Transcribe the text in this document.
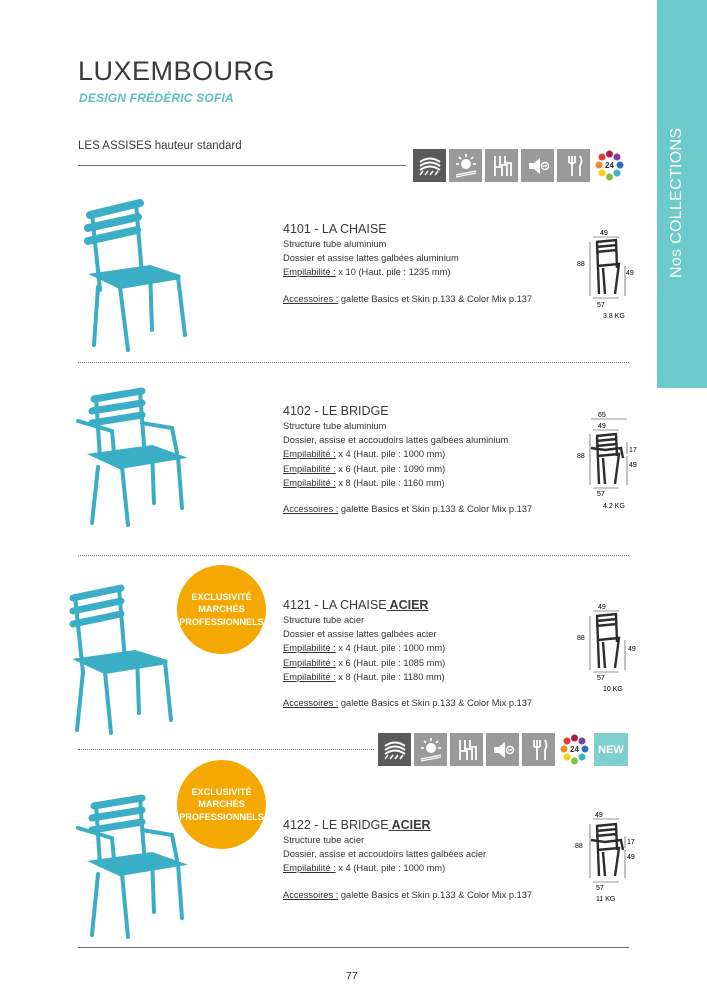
LUXEMBOURG
DESIGN FRÉDÉRIC SOFIA
LES ASSISES hauteur standard
Nos COLLECTIONS
24
4101 - LA CHAISE
Structure tube aluminium
Dossier et assise lattes galbées aluminium
Empilabilité : x 10 (Haut. pile : 1235 mm)
Accessoires : galette Basics et Skin p.133 & Color Mix p.137
49
88
49
57
3.8 KG
4102 - LE BRIDGE
Structure tube aluminium
Dossier, assise et accoudoirs lattes galbées aluminium
Empilabilité : x 4 (Haut. pile : 1000 mm)
Empilabilité : x 6 (Haut. pile : 1090 mm)
Empilabilité : x 8 (Haut. pile : 1160 mm)
Accessoires : galette Basics et Skin p.133 & Color Mix p.137
65
49
88
17
49
57
4.2 KG
EXCLUSIVITÉ
MARCHÉS
PROFESSIONNELS
4121 - LA CHAISE ACIER
Structure tube acier
Dossier et assise lattes galbées acier
Empilabilité : x 4 (Haut. pile : 1000 mm)
Empilabilité : x 6 (Haut. pile : 1085 mm)
Empilabilité : x 8 (Haut. pile : 1180 mm)
Accessoires : galette Basics et Skin p.133 & Color Mix p.137
49
88
49
57
10 KG
24	NEW
EXCLUSIVITÉ
MARCHÉS
PROFESSIONNELS
4122 - LE BRIDGE ACIER
Structure tube acier
Dossier, assise et accoudoirs lattes galbées acier
Empilabilité : x 4 (Haut. pile : 1000 mm)
Accessoires : galette Basics et Skin p.133 & Color Mix p.137
49
88
17
49
57
11 KG
77
